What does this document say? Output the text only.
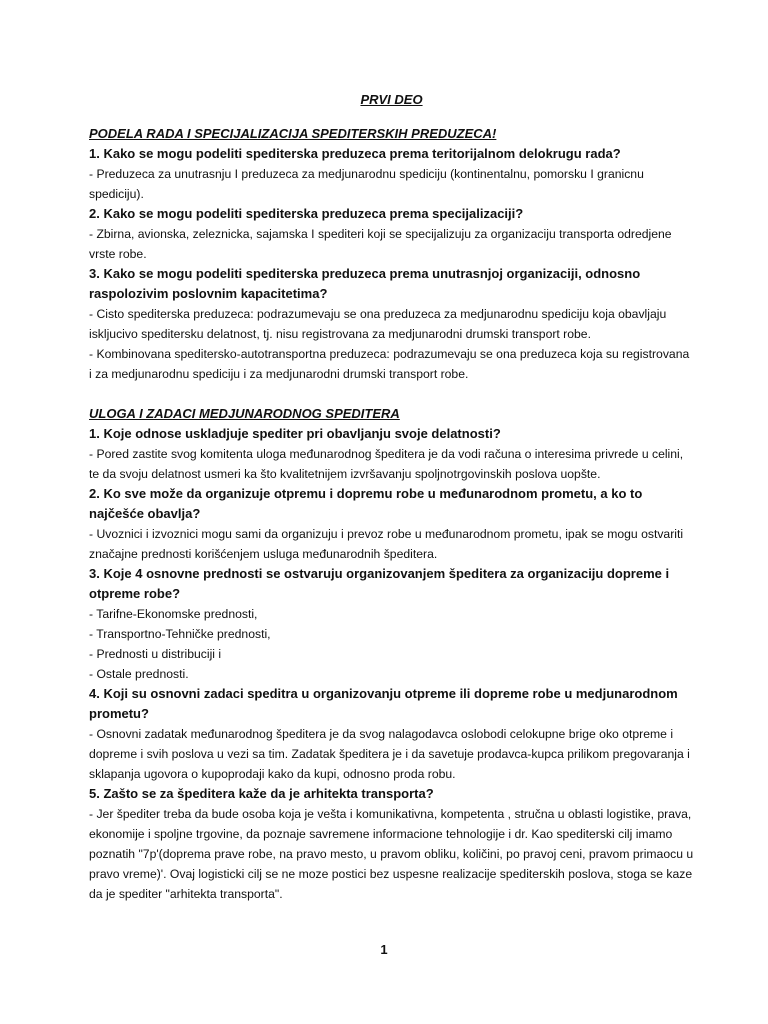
PRVI DEO
PODELA RADA I SPECIJALIZACIJA SPEDITERSKIH PREDUZECA!
1. Kako se mogu podeliti spediterska preduzeca prema teritorijalnom delokrugu rada?
- Preduzeca za unutrasnju I preduzeca za medjunarodnu spediciju (kontinentalnu, pomorsku I granicnu spediciju).
2. Kako se mogu podeliti spediterska preduzeca prema specijalizaciji?
- Zbirna, avionska, zeleznicka, sajamska I spediteri koji se specijalizuju za organizaciju transporta odredjene vrste robe.
3. Kako se mogu podeliti spediterska preduzeca prema unutrasnjoj organizaciji, odnosno raspolozivim poslovnim kapacitetima?
- Cisto spediterska preduzeca: podrazumevaju se ona preduzeca za medjunarodnu spediciju koja obavljaju iskljucivo speditersku delatnost, tj. nisu registrovana za medjunarodni drumski transport robe.
- Kombinovana speditersko-autotransportna preduzeca: podrazumevaju se ona preduzeca koja su registrovana i za medjunarodnu spediciju i za medjunarodni drumski transport robe.
ULOGA I ZADACI MEDJUNARODNOG SPEDITERA
1. Koje odnose uskladjuje spediter pri obavljanju svoje delatnosti?
- Pored zastite svog komitenta uloga međunarodnog špeditera je da vodi računa o interesima privrede u celini, te da svoju delatnost usmeri ka što kvalitetnijem izvršavanju spoljnotrgovinskih poslova uopšte.
2. Ko sve može da organizuje otpremu i dopremu robe u međunarodnom prometu, a ko to najčešće obavlja?
- Uvoznici i izvoznici mogu sami da organizuju i prevoz robe u međunarodnom prometu, ipak se mogu ostvariti značajne prednosti korišćenjem usluga međunarodnih špeditera.
3. Koje 4 osnovne prednosti se ostvaruju organizovanjem špeditera za organizaciju dopreme i otpreme robe?
- Tarifne-Ekonomske prednosti,
- Transportno-Tehničke prednosti,
- Prednosti u distribuciji i
- Ostale prednosti.
4. Koji su osnovni zadaci speditra u organizovanju otpreme ili dopreme robe u medjunarodnom prometu?
- Osnovni zadatak međunarodnog špeditera je da svog nalagodavca oslobodi celokupne brige oko otpreme i dopreme i svih poslova u vezi sa tim. Zadatak špeditera je i da savetuje prodavca-kupca prilikom pregovaranja i sklapanja ugovora o kupoprodaji kako da kupi, odnosno proda robu.
5. Zašto se za špeditera kaže da je arhitekta transporta?
- Jer špediter treba da bude osoba koja je vešta i komunikativna, kompetenta , stručna u oblasti logistike, prava, ekonomije i spoljne trgovine, da poznaje savremene informacione tehnologije i dr. Kao spediterski cilj imamo poznatih "7p'(doprema prave robe, na pravo mesto, u pravom obliku, količini, po pravoj ceni, pravom primaocu u pravo vreme)'. Ovaj logisticki cilj se ne moze postici bez uspesne realizacije spediterskih poslova, stoga se kaze da je spediter "arhitekta transporta".
1
